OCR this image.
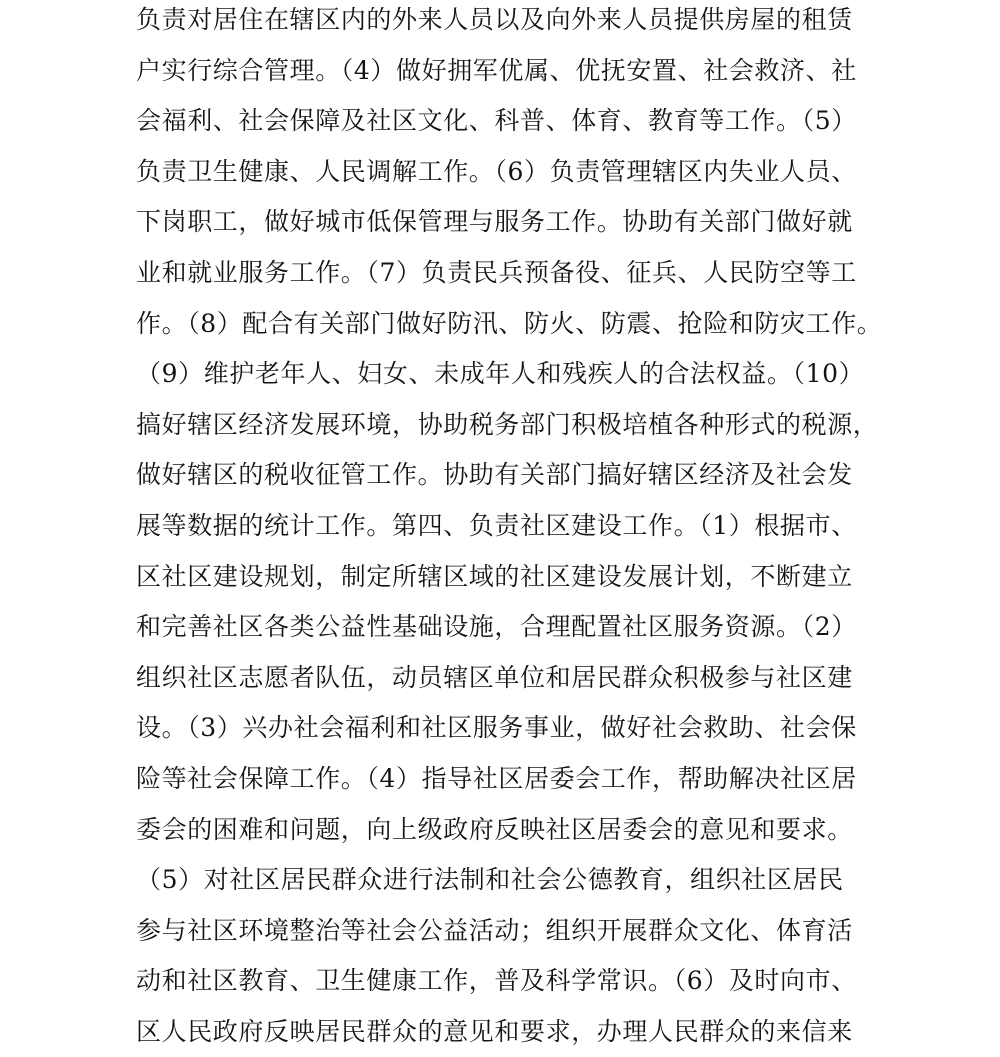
负责对居住在辖区内的外来人员以及向外来人员提供房屋的租赁
户实行综合管理。（4）做好拥军优属、优抚安置、社会救济、社
会福利、社会保障及社区文化、科普、体育、教育等工作。（5）
负责卫生健康、人民调解工作。（6）负责管理辖区内失业人员、
下岗职工，做好城市低保管理与服务工作。协助有关部门做好就
业和就业服务工作。（7）负责民兵预备役、征兵、人民防空等工
作。（8）配合有关部门做好防汛、防火、防震、抢险和防灾工作。
（9）维护老年人、妇女、未成年人和残疾人的合法权益。（10）
搞好辖区经济发展环境，协助税务部门积极培植各种形式的税源，
做好辖区的税收征管工作。协助有关部门搞好辖区经济及社会发
展等数据的统计工作。第四、负责社区建设工作。（1）根据市、
区社区建设规划，制定所辖区域的社区建设发展计划，不断建立
和完善社区各类公益性基础设施，合理配置社区服务资源。（2）
组织社区志愿者队伍，动员辖区单位和居民群众积极参与社区建
设。（3）兴办社会福利和社区服务事业，做好社会救助、社会保
险等社会保障工作。（4）指导社区居委会工作，帮助解决社区居
委会的困难和问题，向上级政府反映社区居委会的意见和要求。
（5）对社区居民群众进行法制和社会公德教育，组织社区居民
参与社区环境整治等社会公益活动；组织开展群众文化、体育活
动和社区教育、卫生健康工作，普及科学常识。（6）及时向市、
区人民政府反映居民群众的意见和要求，办理人民群众的来信来
